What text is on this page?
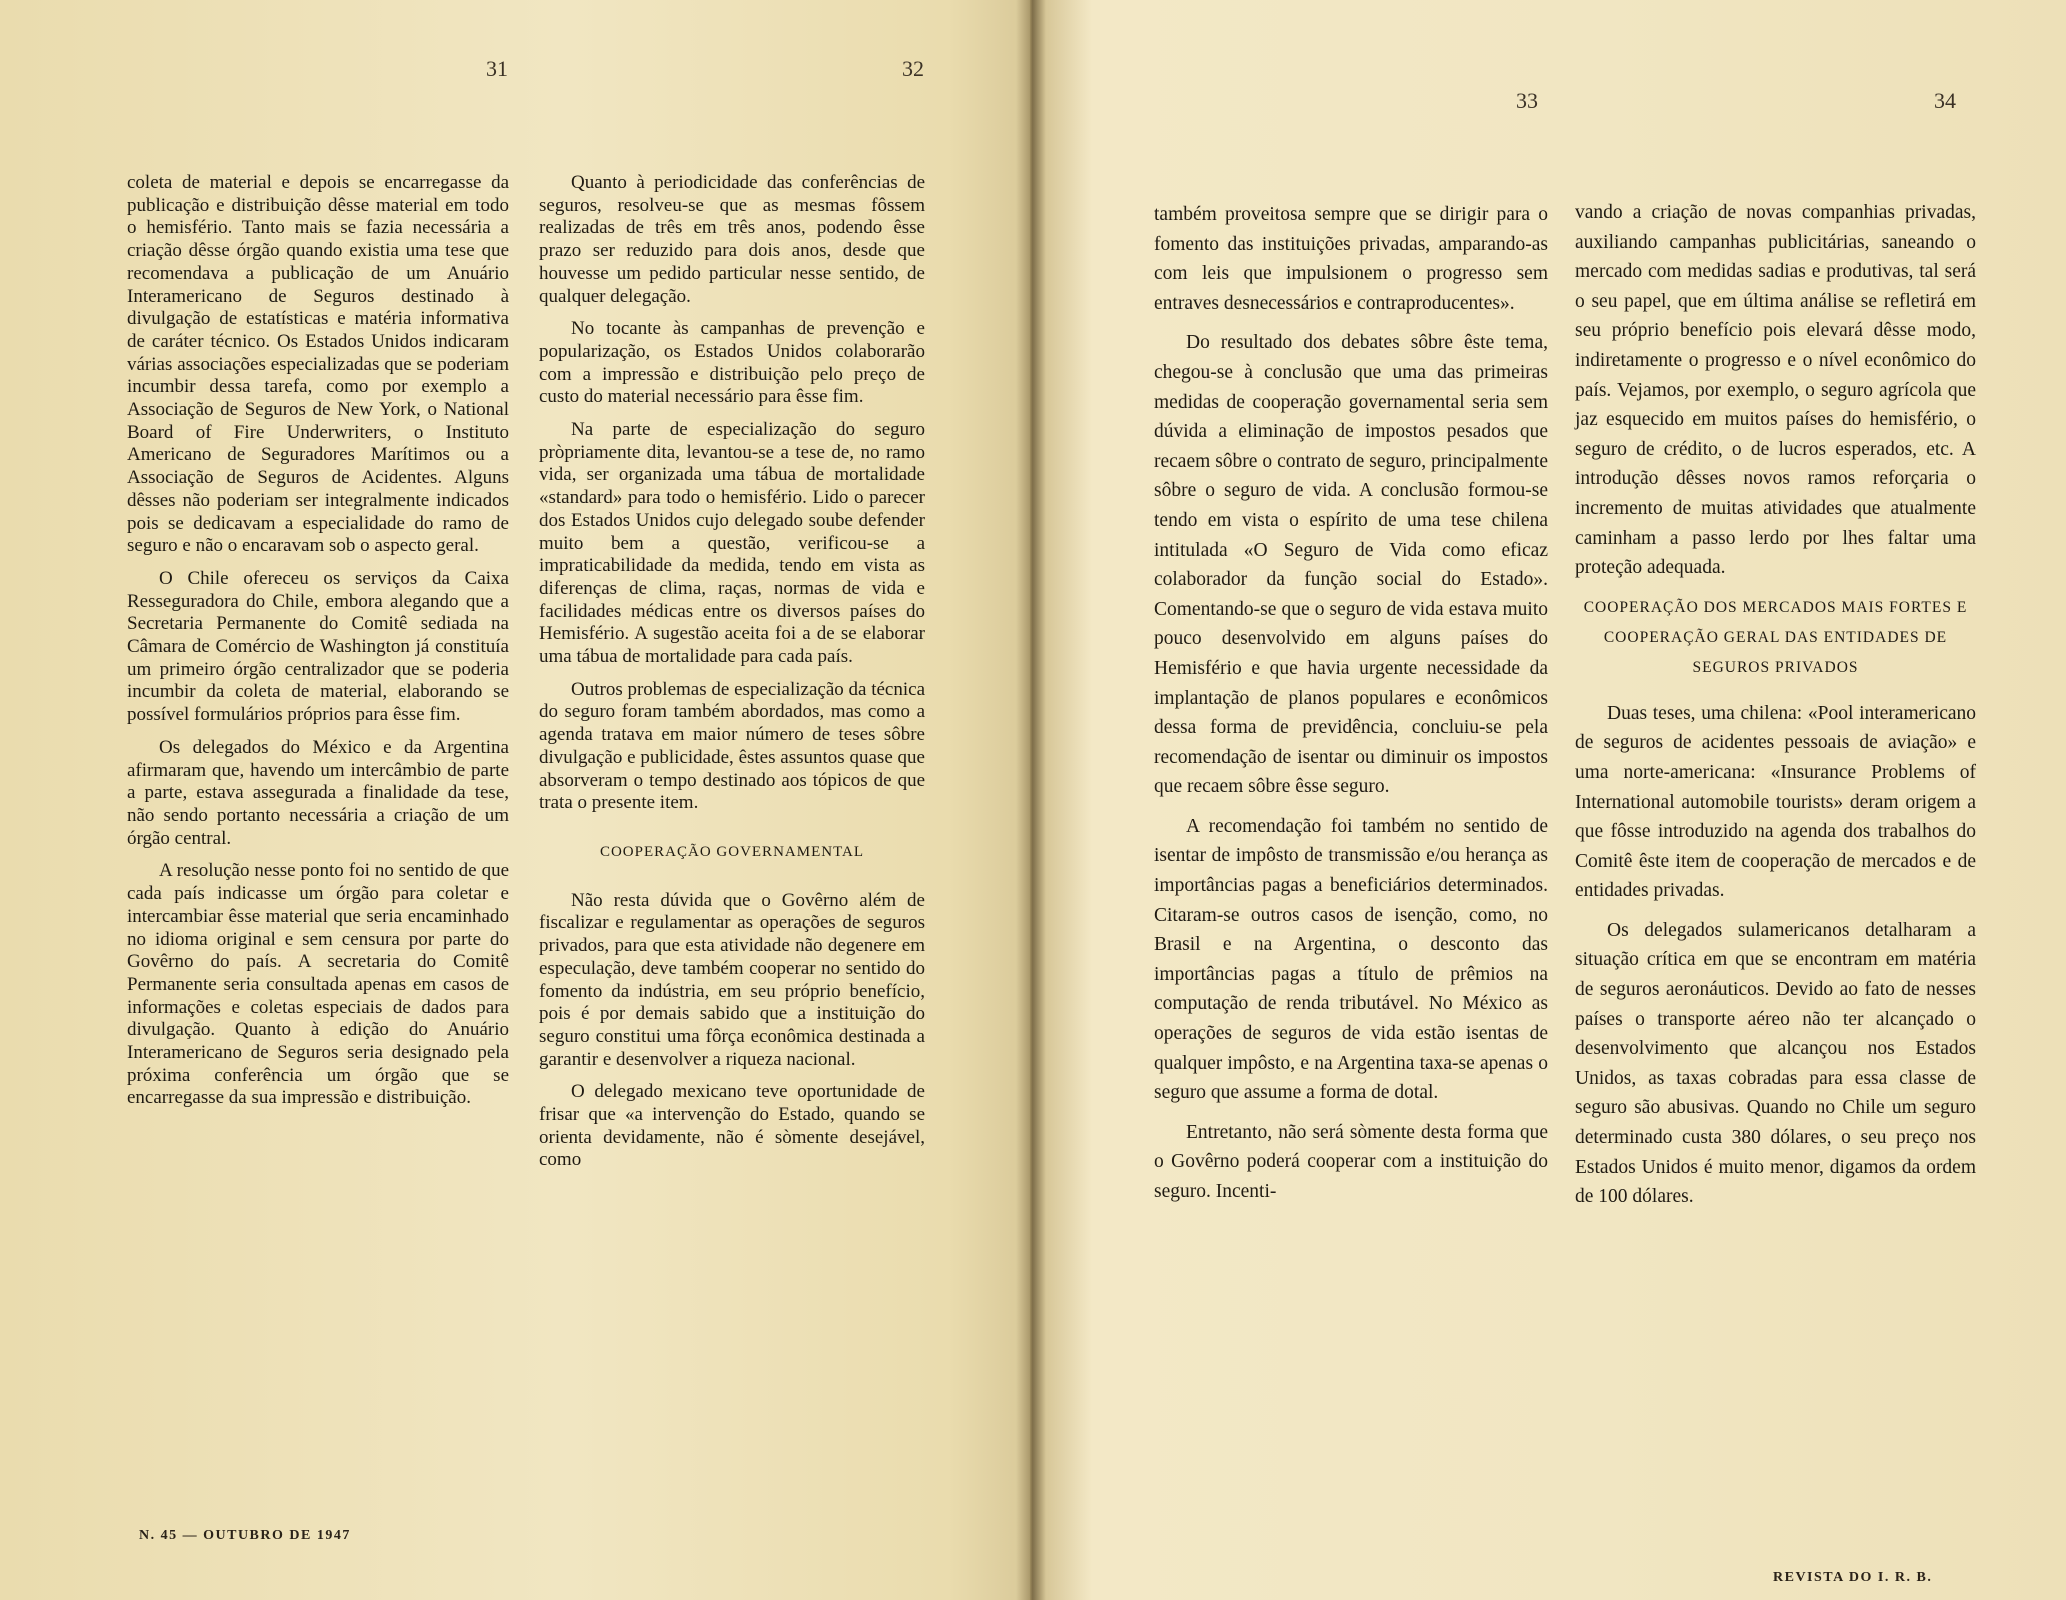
31	32
33	34

coleta de material e depois se encarregasse da publicação e distribuição dêsse material em todo o hemisfério. Tanto mais se fazia necessária a criação dêsse órgão quando existia uma tese que recomendava a publicação de um Anuário Interamericano de Seguros destinado à divulgação de estatísticas e matéria informativa de caráter técnico. Os Estados Unidos indicaram várias associações especializadas que se poderiam incumbir dessa tarefa, como por exemplo a Associação de Seguros de New York, o National Board of Fire Underwriters, o Instituto Americano de Seguradores Marítimos ou a Associação de Seguros de Acidentes. Alguns dêsses não poderiam ser integralmente indicados pois se dedicavam a especialidade do ramo de seguro e não o encaravam sob o aspecto geral.

O Chile ofereceu os serviços da Caixa Resseguradora do Chile, embora alegando que a Secretaria Permanente do Comitê sediada na Câmara de Comércio de Washington já constituía um primeiro órgão centralizador que se poderia incumbir da coleta de material, elaborando se possível formulários próprios para êsse fim.

Os delegados do México e da Argentina afirmaram que, havendo um intercâmbio de parte a parte, estava assegurada a finalidade da tese, não sendo portanto necessária a criação de um órgão central.

A resolução nesse ponto foi no sentido de que cada país indicasse um órgão para coletar e intercambiar êsse material que seria encaminhado no idioma original e sem censura por parte do Govêrno do país. A secretaria do Comitê Permanente seria consultada apenas em casos de informações e coletas especiais de dados para divulgação. Quanto à edição do Anuário Interamericano de Seguros seria designado pela próxima conferência um órgão que se encarregasse da sua impressão e distribuição.

Quanto à periodicidade das conferências de seguros, resolveu-se que as mesmas fôssem realizadas de três em três anos, podendo êsse prazo ser reduzido para dois anos, desde que houvesse um pedido particular nesse sentido, de qualquer delegação.

No tocante às campanhas de prevenção e popularização, os Estados Unidos colaborarão com a impressão e distribuição pelo preço de custo do material necessário para êsse fim.

Na parte de especialização do seguro pròpriamente dita, levantou-se a tese de, no ramo vida, ser organizada uma tábua de mortalidade «standard» para todo o hemisfério. Lido o parecer dos Estados Unidos cujo delegado soube defender muito bem a questão, verificou-se a impraticabilidade da medida, tendo em vista as diferenças de clima, raças, normas de vida e facilidades médicas entre os diversos países do Hemisfério. A sugestão aceita foi a de se elaborar uma tábua de mortalidade para cada país.

Outros problemas de especialização da técnica do seguro foram também abordados, mas como a agenda tratava em maior número de teses sôbre divulgação e publicidade, êstes assuntos quase que absorveram o tempo destinado aos tópicos de que trata o presente item.

COOPERAÇÃO GOVERNAMENTAL

Não resta dúvida que o Govêrno além de fiscalizar e regulamentar as operações de seguros privados, para que esta atividade não degenere em especulação, deve também cooperar no sentido do fomento da indústria, em seu próprio benefício, pois é por demais sabido que a instituição do seguro constitui uma fôrça econômica destinada a garantir e desenvolver a riqueza nacional.

O delegado mexicano teve oportunidade de frisar que «a intervenção do Estado, quando se orienta devidamente, não é sòmente desejável, como

também proveitosa sempre que se dirigir para o fomento das instituições privadas, amparando-as com leis que impulsionem o progresso sem entraves desnecessários e contraproducentes».

Do resultado dos debates sôbre êste tema, chegou-se à conclusão que uma das primeiras medidas de cooperação governamental seria sem dúvida a eliminação de impostos pesados que recaem sôbre o contrato de seguro, principalmente sôbre o seguro de vida. A conclusão formou-se tendo em vista o espírito de uma tese chilena intitulada «O Seguro de Vida como eficaz colaborador da função social do Estado». Comentando-se que o seguro de vida estava muito pouco desenvolvido em alguns países do Hemisfério e que havia urgente necessidade da implantação de planos populares e econômicos dessa forma de previdência, concluiu-se pela recomendação de isentar ou diminuir os impostos que recaem sôbre êsse seguro.

A recomendação foi também no sentido de isentar de impôsto de transmissão e/ou herança as importâncias pagas a beneficiários determinados. Citaram-se outros casos de isenção, como, no Brasil e na Argentina, o desconto das importâncias pagas a título de prêmios na computação de renda tributável. No México as operações de seguros de vida estão isentas de qualquer impôsto, e na Argentina taxa-se apenas o seguro que assume a forma de dotal.

Entretanto, não será sòmente desta forma que o Govêrno poderá cooperar com a instituição do seguro. Incenti-

vando a criação de novas companhias privadas, auxiliando campanhas publicitárias, saneando o mercado com medidas sadias e produtivas, tal será o seu papel, que em última análise se refletirá em seu próprio benefício pois elevará dêsse modo, indiretamente o progresso e o nível econômico do país. Vejamos, por exemplo, o seguro agrícola que jaz esquecido em muitos países do hemisfério, o seguro de crédito, o de lucros esperados, etc. A introdução dêsses novos ramos reforçaria o incremento de muitas atividades que atualmente caminham a passo lerdo por lhes faltar uma proteção adequada.

COOPERAÇÃO DOS MERCADOS MAIS FORTES E COOPERAÇÃO GERAL DAS ENTIDADES DE SEGUROS PRIVADOS

Duas teses, uma chilena: «Pool interamericano de seguros de acidentes pessoais de aviação» e uma norte-americana: «Insurance Problems of International automobile tourists» deram origem a que fôsse introduzido na agenda dos trabalhos do Comitê êste item de cooperação de mercados e de entidades privadas.

Os delegados sulamericanos detalharam a situação crítica em que se encontram em matéria de seguros aeronáuticos. Devido ao fato de nesses países o transporte aéreo não ter alcançado o desenvolvimento que alcançou nos Estados Unidos, as taxas cobradas para essa classe de seguro são abusivas. Quando no Chile um seguro determinado custa 380 dólares, o seu preço nos Estados Unidos é muito menor, digamos da ordem de 100 dólares.

N. 45 — OUTUBRO DE 1947
REVISTA DO I. R. B.
